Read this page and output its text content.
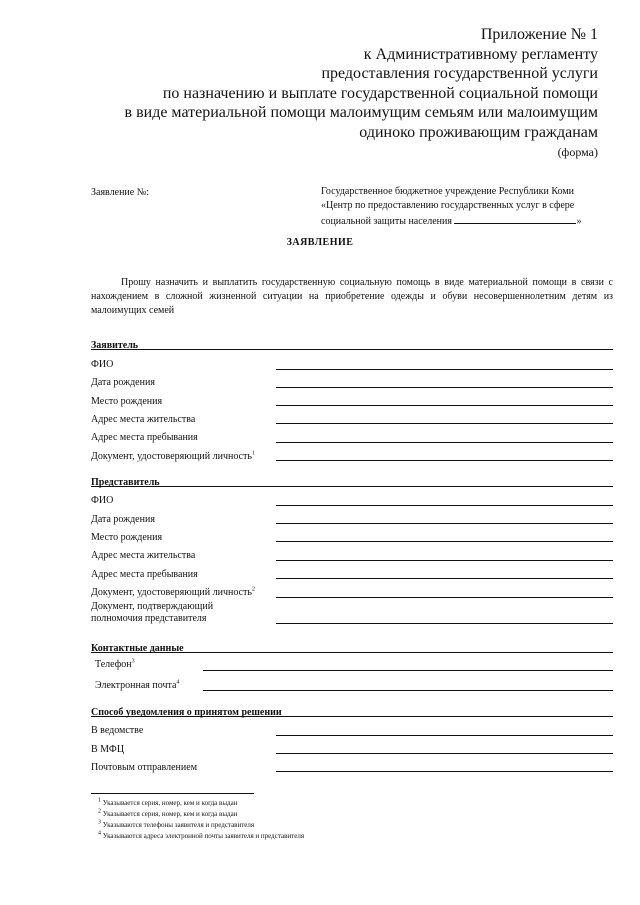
Приложение № 1
к Административному регламенту
предоставления государственной услуги
по назначению и выплате государственной социальной помощи
в виде материальной помощи малоимущим семьям или малоимущим
одиноко проживающим гражданам
(форма)
Заявление №:	Государственное бюджетное учреждение Республики Коми
«Центр по предоставлению государственных услуг в сфере
социальной защиты населения	»
ЗАЯВЛЕНИЕ
Прошу назначить и выплатить государственную социальную помощь в виде материальной помощи в связи с нахождением в сложной жизненной ситуации на приобретение одежды и обуви несовершеннолетним детям из малоимущих семей
Заявитель
ФИО
Дата рождения
Место рождения
Адрес места жительства
Адрес места пребывания
Документ, удостоверяющий личность$^1$
Представитель
ФИО
Дата рождения
Место рождения
Адрес места жительства
Адрес места пребывания
Документ, удостоверяющий личность$^2$
Документ, подтверждающий
полномочия представителя
Контактные данные
Телефон$^3$
Электронная почта$^4$
Способ уведомления о принятом решении
В ведомстве
В МФЦ
Почтовым отправлением
$^1$ Указывается серия, номер, кем и когда выдан
$^2$ Указывается серия, номер, кем и когда выдан
$^3$ Указываются телефоны заявителя и представителя
$^4$ Указываются адреса электронной почты заявителя и представителя
